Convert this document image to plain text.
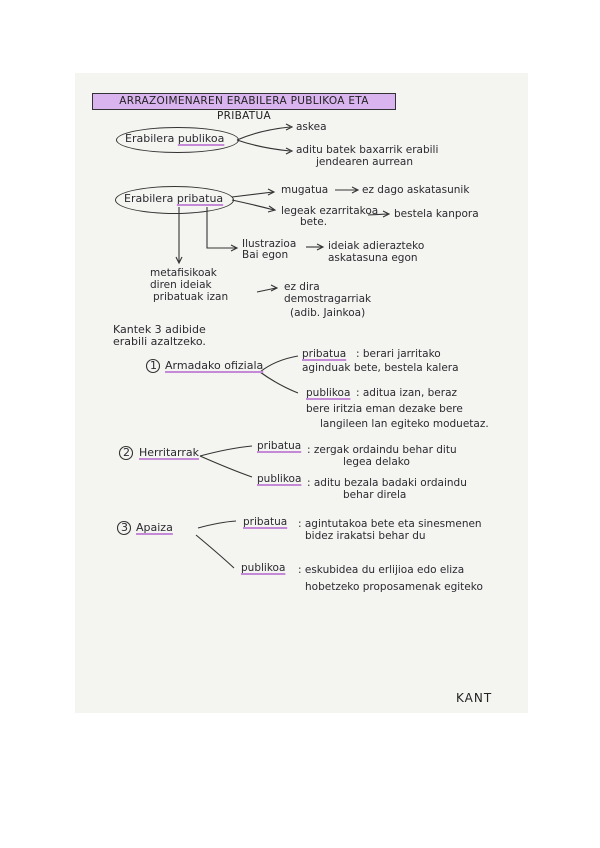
ARRAZOIMENAREN ERABILERA PUBLIKOA ETA PRIBATUA
Erabilera publikoa
askea
aditu batek baxarrik erabili
jendearen aurrean
Erabilera pribatua
mugatua	ez dago askatasunik
legeak ezarritakoa
bete.
bestela kanpora
Ilustrazioa
Bai egon
ideiak adierazteko
askatasuna egon
metafisikoak
diren ideiak
pribatuak izan
ez dira
demostragarriak
(adib. Jainkoa)
Kantek 3 adibide
erabili azaltzeko.
1 Armadako ofiziala
pribatua : berari jarritako
aginduak bete, bestela kalera
publikoa : aditua izan, beraz
bere iritzia eman dezake bere
langileen lan egiteko moduetaz.
2 Herritarrak	pribatua : zergak ordaindu behar ditu
legea delako
publikoa : aditu bezala badaki ordaindu
behar direla
3 Apaiza	pribatua : agintutakoa bete eta sinesmenen
bidez irakatsi behar du
publikoa : eskubidea du erlijioa edo eliza
hobetzeko proposamenak egiteko
KANT
